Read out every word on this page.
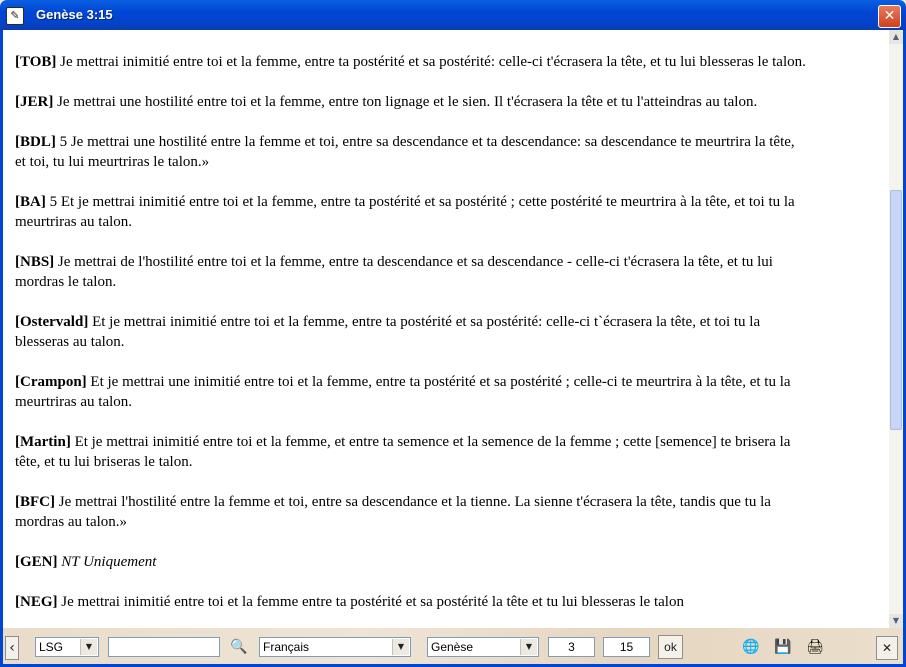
✎	Genèse 3:15	✕

[TOB] Je mettrai inimitié entre toi et la femme, entre ta postérité et sa postérité: celle-ci t'écrasera la tête, et tu lui blesseras le talon.

[JER] Je mettrai une hostilité entre toi et la femme, entre ton lignage et le sien. Il t'écrasera la tête et tu l'atteindras au talon.

[BDL] 5 Je mettrai une hostilité entre la femme et toi, entre sa descendance et ta descendance: sa descendance te meurtrira la tête,
et toi, tu lui meurtriras le talon.»

[BA] 5 Et je mettrai inimitié entre toi et la femme, entre ta postérité et sa postérité ; cette postérité te meurtrira à la tête, et toi tu la
meurtriras au talon.

[NBS] Je mettrai de l'hostilité entre toi et la femme, entre ta descendance et sa descendance - celle-ci t'écrasera la tête, et tu lui
mordras le talon.

[Ostervald] Et je mettrai inimitié entre toi et la femme, entre ta postérité et sa postérité: celle-ci t`écrasera la tête, et toi tu la
blesseras au talon.

[Crampon] Et je mettrai une inimitié entre toi et la femme, entre ta postérité et sa postérité ; celle-ci te meurtrira à la tête, et tu la
meurtriras au talon.

[Martin] Et je mettrai inimitié entre toi et la femme, et entre ta semence et la semence de la femme ; cette [semence] te brisera la
tête, et tu lui briseras le talon.

[BFC] Je mettrai l'hostilité entre la femme et toi, entre sa descendance et la tienne. La sienne t'écrasera la tête, tandis que tu la
mordras au talon.»

[GEN] NT Uniquement

[NEG] Je mettrai inimitié entre toi et la femme entre ta postérité et sa postérité la tête et tu lui blesseras le talon

▲
▼
‹	LSG	▼	🔍 Français	▼	Genèse	▼	3	15	ok	🌐 💾 🖨	✕
